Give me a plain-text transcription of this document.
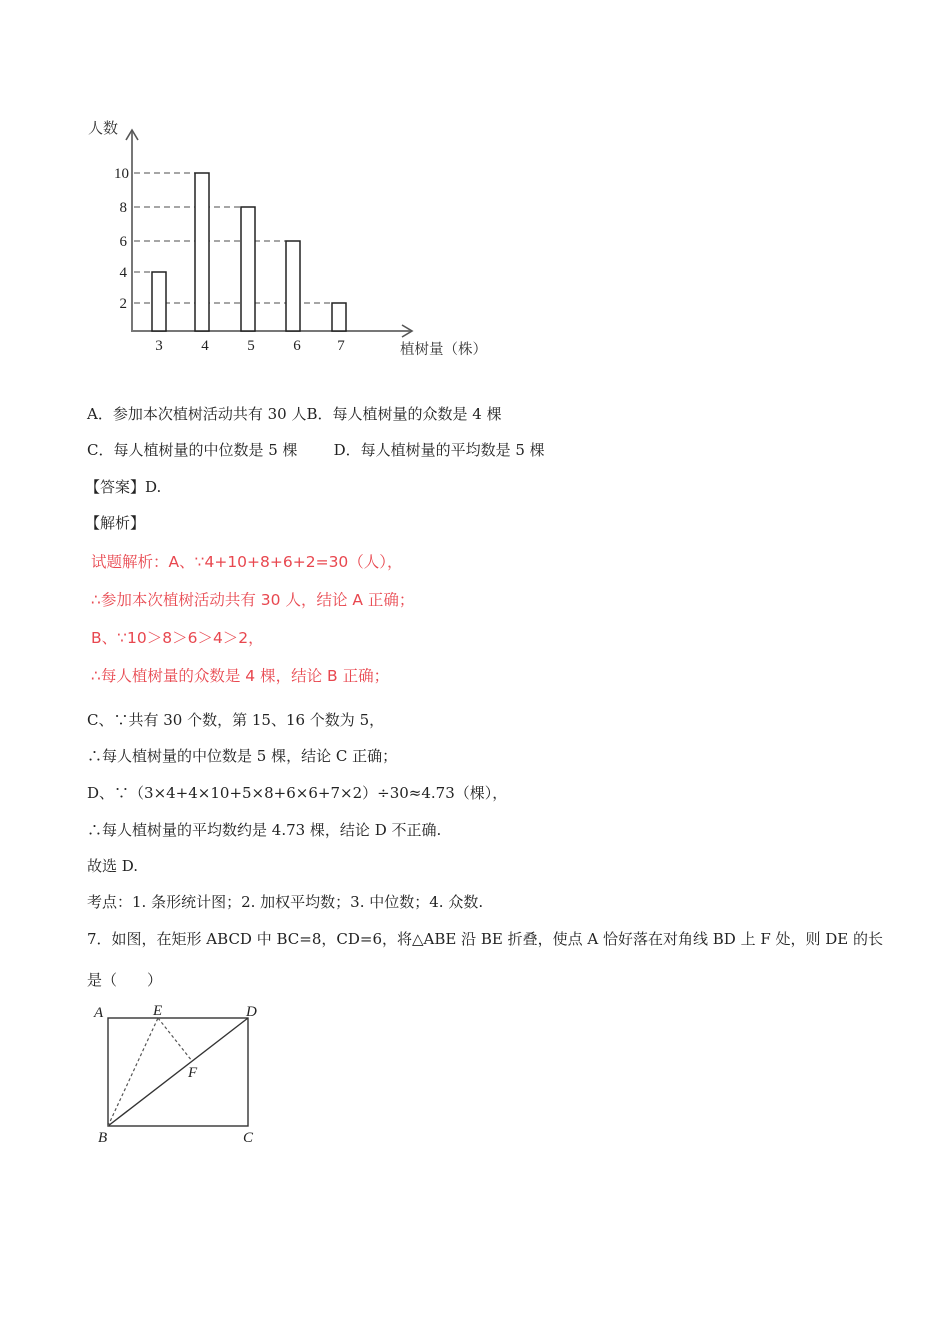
10
8
6
4
2
3	4	5	6 7
人数
植树量（株）
A．参加本次植树活动共有 30 人B．每人植树量的众数是 4 棵
C．每人植树量的中位数是 5 棵 D．每人植树量的平均数是 5 棵
【答案】D.
【解析】
试题解析：A、∵4+10+8+6+2=30（人），
∴参加本次植树活动共有 30 人，结论 A 正确；
B、∵10＞8＞6＞4＞2，
∴每人植树量的众数是 4 棵，结论 B 正确；
C、∵共有 30 个数，第 15、16 个数为 5，
∴每人植树量的中位数是 5 棵，结论 C 正确；
D、∵（3×4+4×10+5×8+6×6+7×2）÷30≈4.73（棵），
∴每人植树量的平均数约是 4.73 棵，结论 D 不正确.
故选 D.
考点：1. 条形统计图；2. 加权平均数；3. 中位数；4. 众数.
7．如图，在矩形 ABCD 中 BC=8，CD=6，将△ABE 沿 BE 折叠，使点 A 恰好落在对角线 BD 上 F 处，则 DE 的长
是（　　）
A	E	D
F
B	C
